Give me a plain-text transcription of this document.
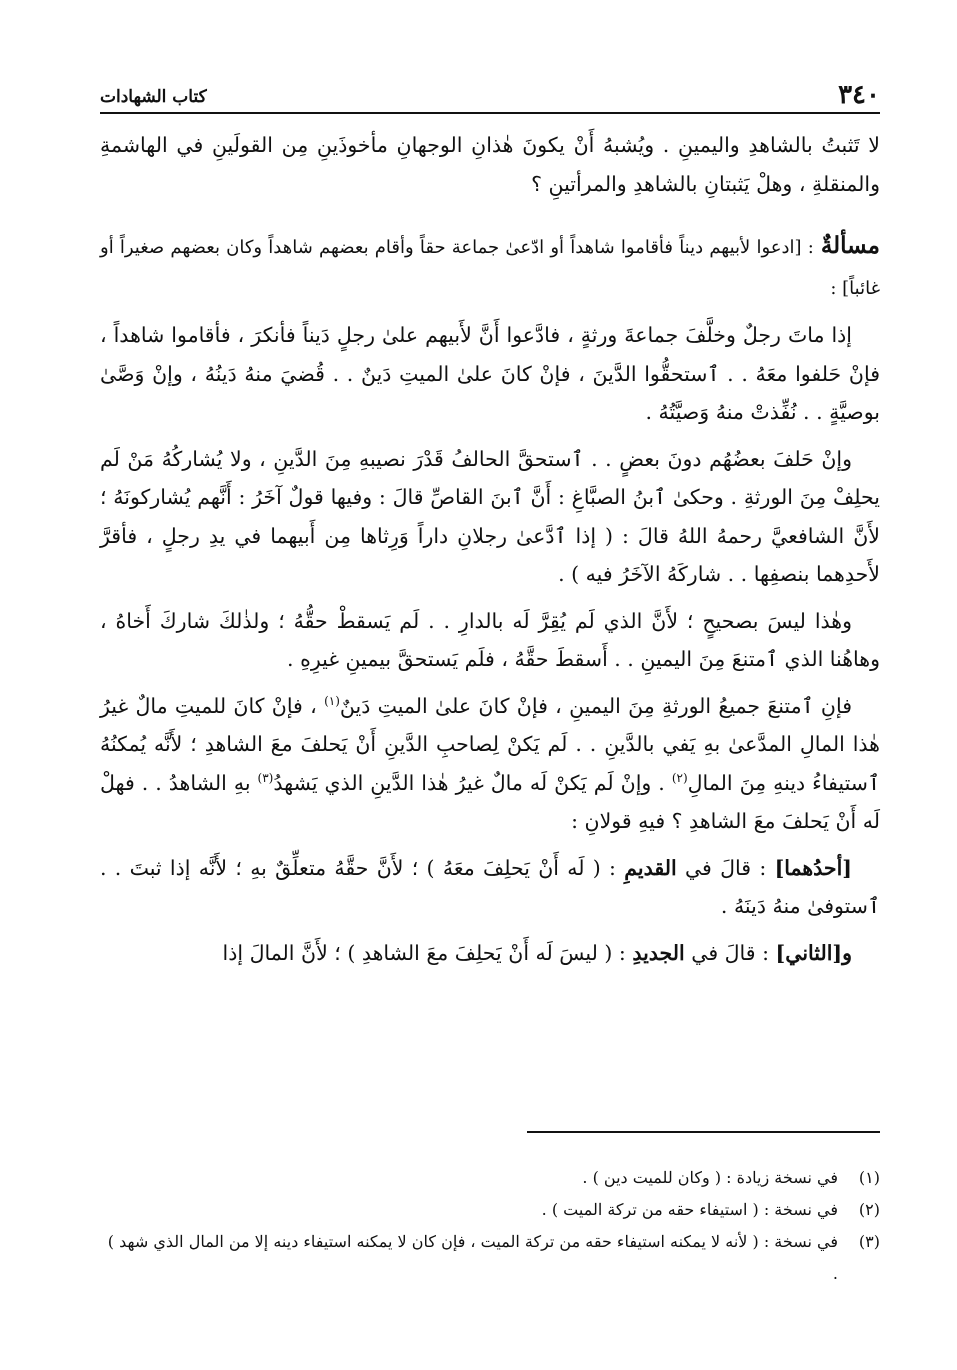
٣٤٠
كتاب الشهادات

لا تَثبتُ بالشاهدِ واليمينِ . ويُشبهُ أَنْ يكونَ هٰذانِ الوجهانِ مأخوذَينِ مِن القولَينِ في الهاشمةِ والمنقلةِ ، وهلْ يَثبتانِ بالشاهدِ والمرأتينِ ؟

مسألةٌ : [ادعوا لأبيهم ديناً فأقاموا شاهداً أو ادّعىٰ جماعة حقاً وأقام بعضهم شاهداً وكان بعضهم صغيراً أو غائباً] :

إذا ماتَ رجلٌ وخلَّفَ جماعةَ ورثةٍ ، فادَّعوا أَنَّ لأَبيهم علىٰ رجلٍ دَيناً فأنكرَ ، فأقاموا شاهداً ، فإنْ حَلفوا معَهُ . . ٱستحقُّوا الدَّينَ ، فإنْ كانَ علىٰ الميتِ دَينٌ . . قُضيَ منهُ دَينُهُ ، وإنْ وَصَّىٰ بوصيَّةٍ . . نُفِّذتْ منهُ وَصيَّتُهُ .

وإنْ حَلفَ بعضُهُم دونَ بعضٍ . . ٱستحقَّ الحالفُ قَدْرَ نصيبهِ مِنَ الدَّينِ ، ولا يُشاركُهُ مَنْ لَم يحلِفْ مِنَ الورثةِ . وحكىٰ ٱبنُ الصبَّاغِ : أَنَّ ٱبنَ القاصِّ قالَ : وفيها قولٌ آخَرُ : أَنَّهم يُشاركونَهُ ؛ لأَنَّ الشافعيَّ رحمهُ اللهُ قالَ : ( إذا ٱدَّعىٰ رجلانِ داراً وَرِثاها مِن أَبيهما في يدِ رجلٍ ، فأقرَّ لأَحدِهما بنصفِها . . شاركَهُ الآخَرُ فيه ) .

وهٰذا ليسَ بصحيحٍ ؛ لأَنَّ الذي لَم يُقِرَّ لَه بالدارِ . . لَم يَسقطْ حقُّهُ ؛ ولذٰلكَ شاركَ أَخاهُ ، وهاهُنا الذي ٱمتنعَ مِنَ اليمينِ . . أَسقطَ حقَّهُ ، فلَم يَستحقَّ بيمينِ غيرِهِ .

فإنِ ٱمتنعَ جميعُ الورثةِ مِنَ اليمينِ ، فإنْ كانَ علىٰ الميتِ دَينٌ$^{(١)}$ ، فإنْ كانَ للميتِ مالٌ غيرُ هٰذا المالِ المدَّعىٰ بهِ يَفي بالدَّينِ . . لَم يَكنْ لِصاحبِ الدَّينِ أَنْ يَحلفَ معَ الشاهدِ ؛ لأَنَّه يُمكنُهُ ٱستيفاءُ دينهِ مِنَ المالِ$^{(٢)}$ . وإنْ لَم يَكنْ لَه مالٌ غيرُ هٰذا الدَّينِ الذي يَشهدُ$^{(٣)}$ بهِ الشاهدُ . . فهلْ لَه أَنْ يَحلفَ معَ الشاهدِ ؟ فيهِ قولانِ :

[أحدُهما] : قالَ في القديمِ : ( لَه أَنْ يَحلِفَ معَهُ ) ؛ لأَنَّ حقَّهُ متعلِّقٌ بهِ ؛ لأَنَّه إذا ثبتَ . . ٱستوفىٰ منهُ دَينَهُ .

و[الثاني] : قالَ في الجديدِ : ( ليسَ لَه أَنْ يَحلِفَ معَ الشاهدِ ) ؛ لأَنَّ المالَ إذا

(١)
في نسخة زيادة : ( وكان للميت دين ) .
(٢)
في نسخة : ( استيفاء حقه من تركة الميت ) .
(٣)
في نسخة : ( لأنه لا يمكنه استيفاء حقه من تركة الميت ، فإن كان لا يمكنه استيفاء دينه إلا من المال الذي شهد ) .
